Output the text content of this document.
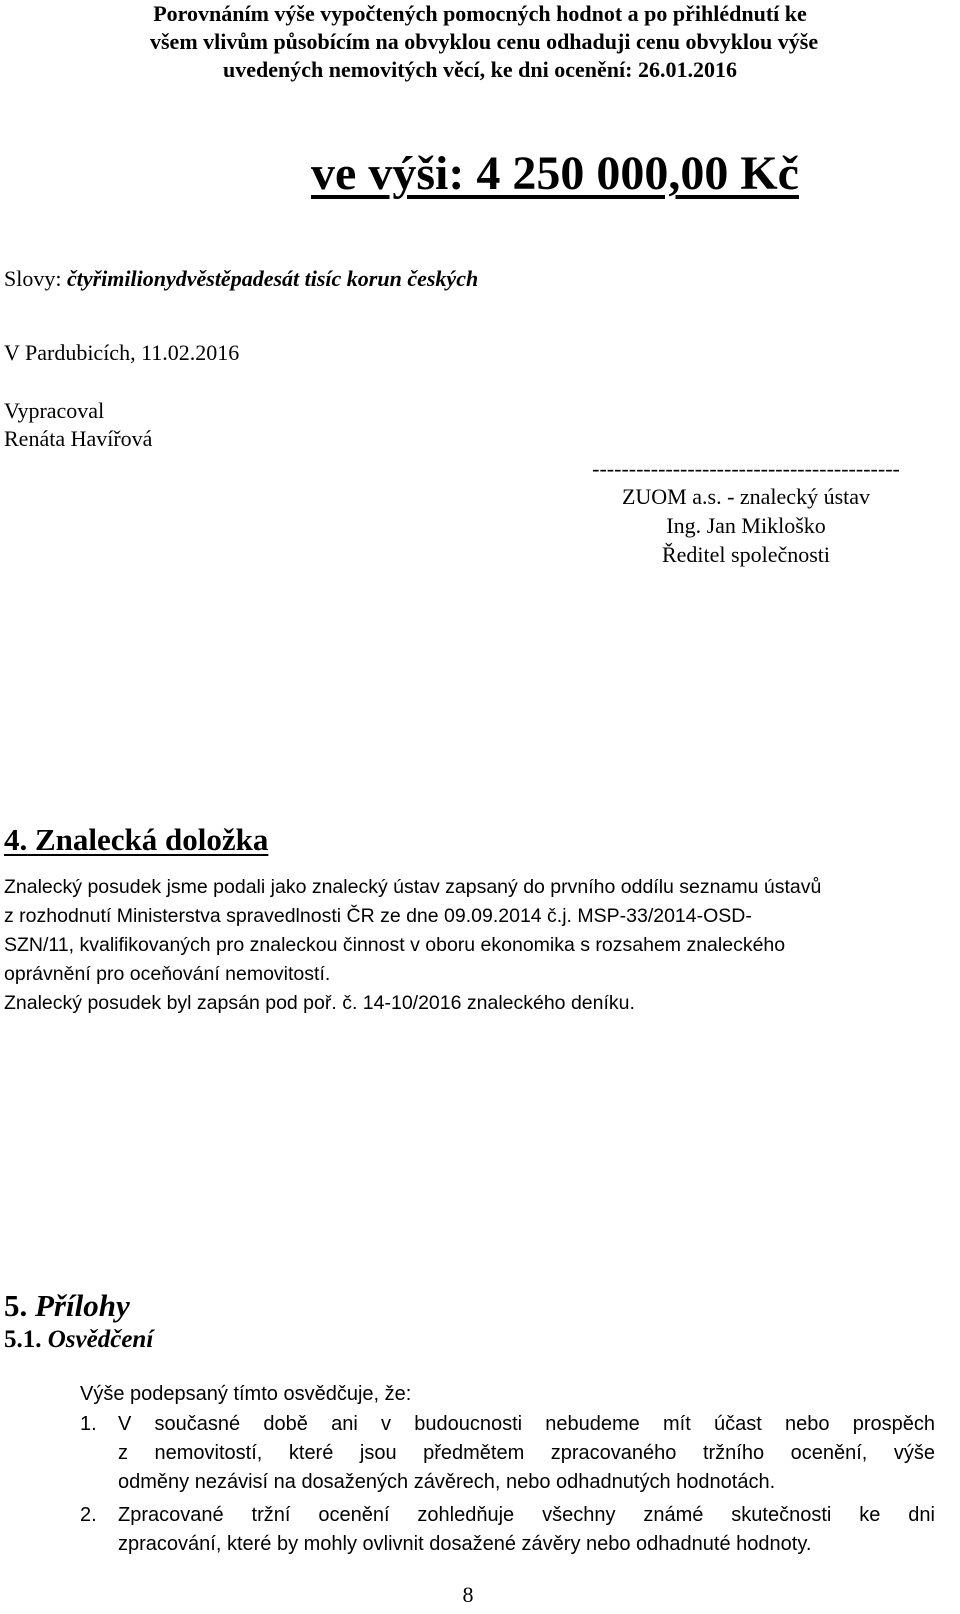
Porovnáním výše vypočtených pomocných hodnot a po přihlédnutí ke
všem vlivům působícím na obvyklou cenu odhaduji cenu obvyklou výše
uvedených nemovitých věcí, ke dni ocenění: 26.01.2016
ve výši: 4 250 000,00 Kč
Slovy: čtyřimilionydvěstěpadesát tisíc korun českých
V Pardubicích, 11.02.2016
Vypracoval
Renáta Havířová
------------------------------------------
ZUOM a.s. - znalecký ústav
Ing. Jan Mikloško
Ředitel společnosti
4. Znalecká doložka
Znalecký posudek jsme podali jako znalecký ústav zapsaný do prvního oddílu seznamu ústavů
z rozhodnutí Ministerstva spravedlnosti ČR ze dne 09.09.2014 č.j. MSP-33/2014-OSD-
SZN/11, kvalifikovaných pro znaleckou činnost v oboru ekonomika s rozsahem znaleckého
oprávnění pro oceňování nemovitostí.
Znalecký posudek byl zapsán pod poř. č. 14-10/2016 znaleckého deníku.
5. Přílohy
5.1. Osvědčení
Výše podepsaný tímto osvědčuje, že:
1. V současné době ani v budoucnosti nebudeme mít účast nebo prospěch
z nemovitostí, které jsou předmětem zpracovaného tržního ocenění, výše
odměny nezávisí na dosažených závěrech, nebo odhadnutých hodnotách.
2. Zpracované tržní ocenění zohledňuje všechny známé skutečnosti ke dni
zpracování, které by mohly ovlivnit dosažené závěry nebo odhadnuté hodnoty.
8
